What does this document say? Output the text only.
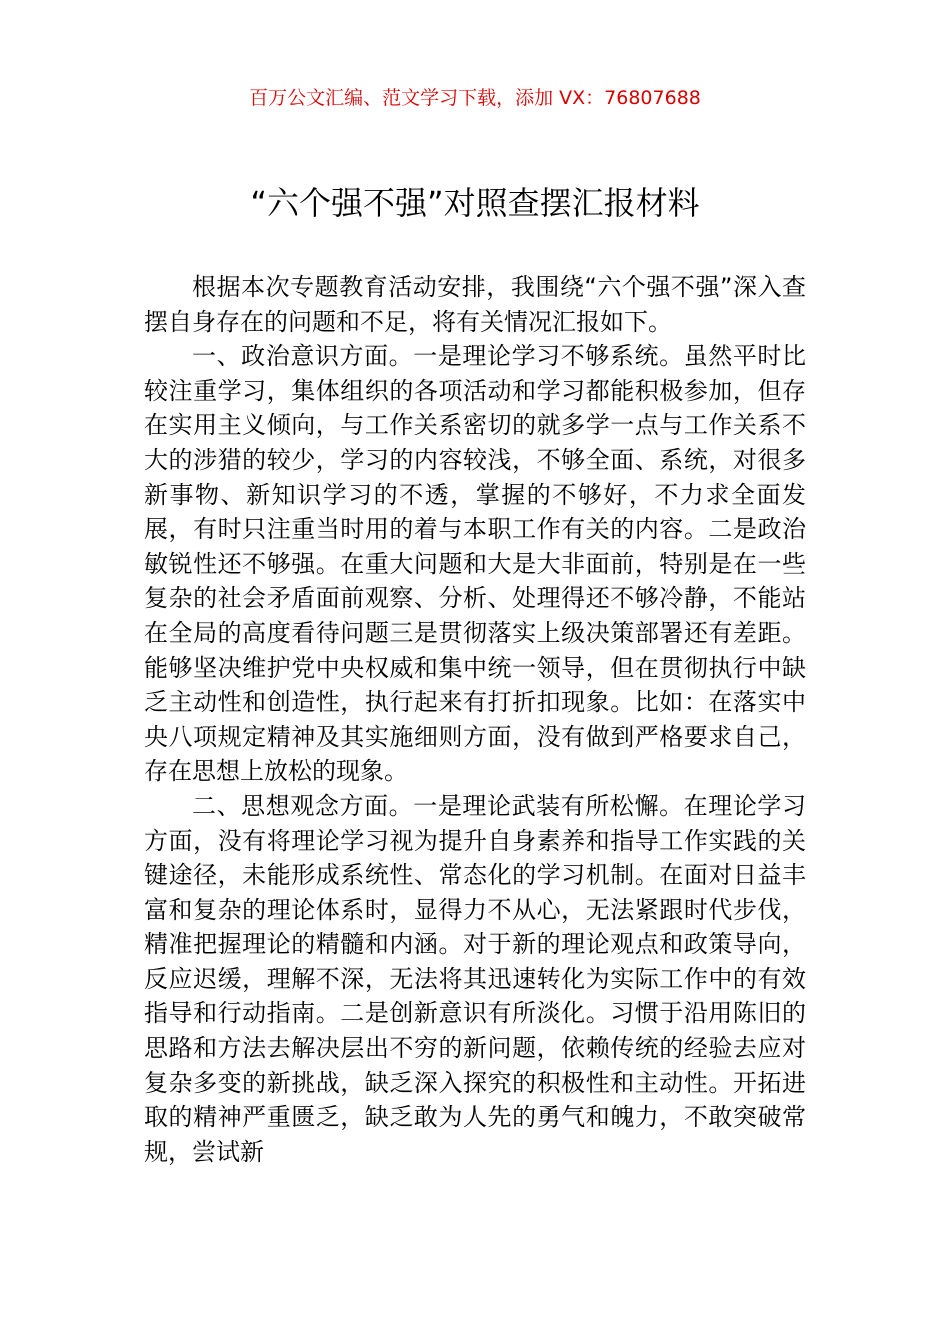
百万公文汇编、范文学习下载，添加 VX：76807688
“六个强不强”对照查摆汇报材料

根据本次专题教育活动安排，我围绕“六个强不强”深入查摆自身存在的问题和不足，将有关情况汇报如下。

一、政治意识方面。一是理论学习不够系统。虽然平时比较注重学习，集体组织的各项活动和学习都能积极参加，但存在实用主义倾向，与工作关系密切的就多学一点与工作关系不大的涉猎的较少，学习的内容较浅，不够全面、系统，对很多新事物、新知识学习的不透，掌握的不够好，不力求全面发展，有时只注重当时用的着与本职工作有关的内容。二是政治敏锐性还不够强。在重大问题和大是大非面前，特别是在一些复杂的社会矛盾面前观察、分析、处理得还不够冷静，不能站在全局的高度看待问题三是贯彻落实上级决策部署还有差距。能够坚决维护党中央权威和集中统一领导，但在贯彻执行中缺乏主动性和创造性，执行起来有打折扣现象。比如：在落实中央八项规定精神及其实施细则方面，没有做到严格要求自己，存在思想上放松的现象。

二、思想观念方面。一是理论武装有所松懈。在理论学习方面，没有将理论学习视为提升自身素养和指导工作实践的关键途径，未能形成系统性、常态化的学习机制。在面对日益丰富和复杂的理论体系时，显得力不从心，无法紧跟时代步伐，精准把握理论的精髓和内涵。对于新的理论观点和政策导向，反应迟缓，理解不深，无法将其迅速转化为实际工作中的有效指导和行动指南。二是创新意识有所淡化。习惯于沿用陈旧的思路和方法去解决层出不穷的新问题，依赖传统的经验去应对复杂多变的新挑战，缺乏深入探究的积极性和主动性。开拓进取的精神严重匮乏，缺乏敢为人先的勇气和魄力，不敢突破常规，尝试新
